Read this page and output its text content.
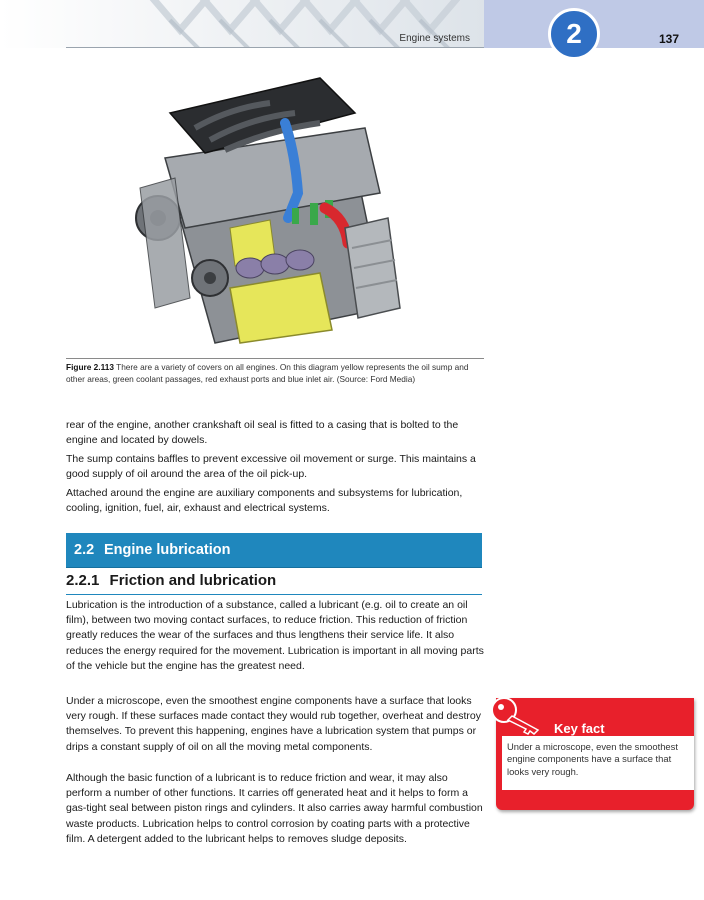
Engine systems	2	137
Figure 2.113 There are a variety of covers on all engines. On this diagram yellow represents the oil sump and other areas, green coolant passages, red exhaust ports and blue inlet air. (Source: Ford Media)

rear of the engine, another crankshaft oil seal is fitted to a casing that is bolted to the engine and located by dowels.

The sump contains baffles to prevent excessive oil movement or surge. This maintains a good supply of oil around the area of the oil pick-up.

Attached around the engine are auxiliary components and subsystems for lubrication, cooling, ignition, fuel, air, exhaust and electrical systems.

2.2 Engine lubrication
2.2.1 Friction and lubrication

Lubrication is the introduction of a substance, called a lubricant (e.g. oil to create an oil film), between two moving contact surfaces, to reduce friction. This reduction of friction greatly reduces the wear of the surfaces and thus lengthens their service life. It also reduces the energy required for the movement. Lubrication is important in all moving parts of the vehicle but the engine has the greatest need.

Under a microscope, even the smoothest engine components have a surface that looks very rough. If these surfaces made contact they would rub together, overheat and destroy themselves. To prevent this happening, engines have a lubrication system that pumps or drips a constant supply of oil on all the moving metal components.

Although the basic function of a lubricant is to reduce friction and wear, it may also perform a number of other functions. It carries off generated heat and it helps to form a gas-tight seal between piston rings and cylinders. It also carries away harmful combustion waste products. Lubrication helps to control corrosion by coating parts with a protective film. A detergent added to the lubricant helps to removes sludge deposits.

Key fact
Under a microscope, even the smoothest engine components have a surface that looks very rough.
